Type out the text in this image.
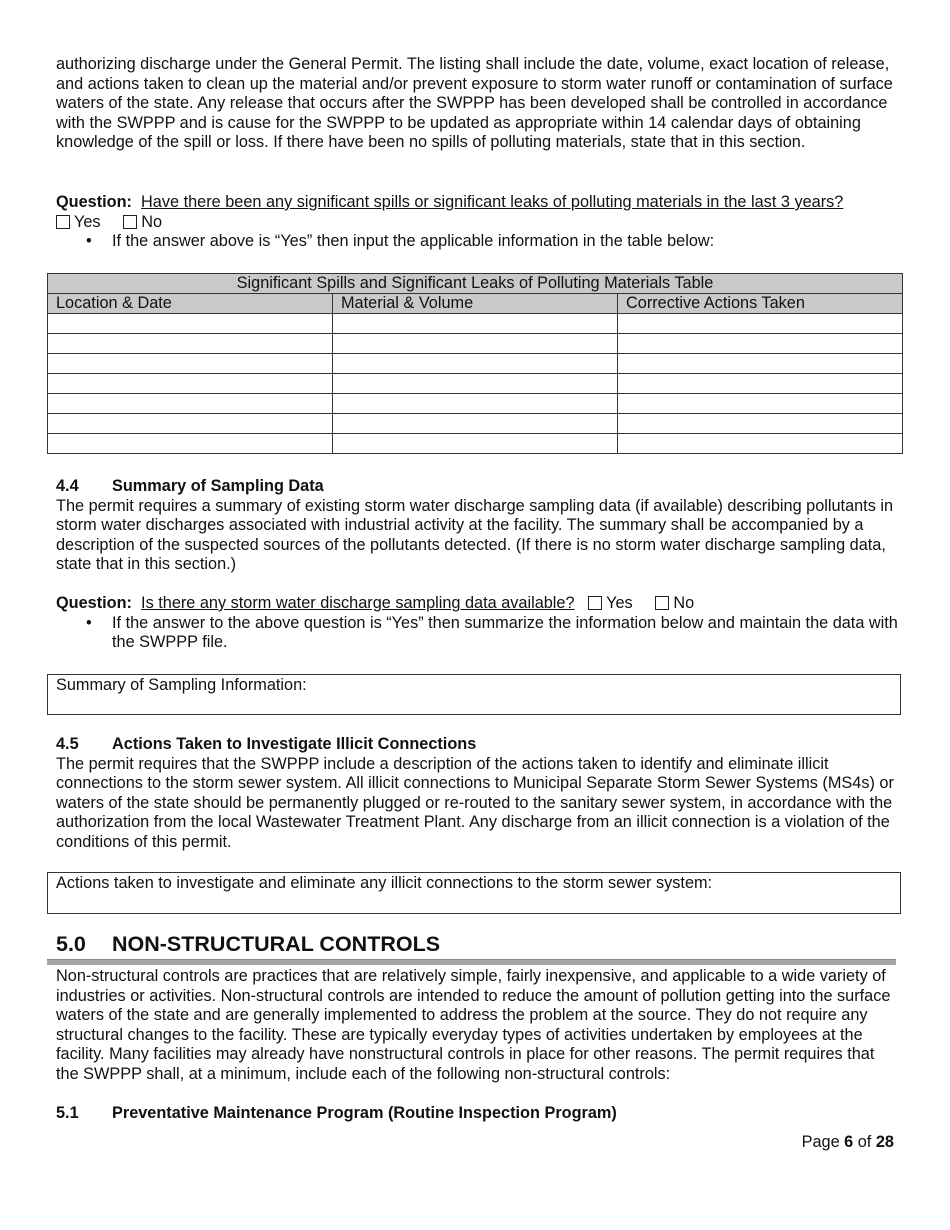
authorizing discharge under the General Permit. The listing shall include the date, volume, exact location of release, and actions taken to clean up the material and/or prevent exposure to storm water runoff or contamination of surface waters of the state. Any release that occurs after the SWPPP has been developed shall be controlled in accordance with the SWPPP and is cause for the SWPPP to be updated as appropriate within 14 calendar days of obtaining knowledge of the spill or loss. If there have been no spills of polluting materials, state that in this section.

Question: Have there been any significant spills or significant leaks of polluting materials in the last 3 years?
Yes No
• If the answer above is “Yes” then input the applicable information in the table below:
Significant Spills and Significant Leaks of Polluting Materials Table		
Location & Date	Material & Volume	Corrective Actions Taken

4.4 Summary of Sampling Data

The permit requires a summary of existing storm water discharge sampling data (if available) describing pollutants in storm water discharges associated with industrial activity at the facility. The summary shall be accompanied by a description of the suspected sources of the pollutants detected. (If there is no storm water discharge sampling data, state that in this section.)

Question: Is there any storm water discharge sampling data available? Yes No
• If the answer to the above question is “Yes” then summarize the information below and maintain the data with the SWPPP file.
Summary of Sampling Information:
4.5 Actions Taken to Investigate Illicit Connections

The permit requires that the SWPPP include a description of the actions taken to identify and eliminate illicit connections to the storm sewer system. All illicit connections to Municipal Separate Storm Sewer Systems (MS4s) or waters of the state should be permanently plugged or re-routed to the sanitary sewer system, in accordance with the authorization from the local Wastewater Treatment Plant. Any discharge from an illicit connection is a violation of the conditions of this permit.

Actions taken to investigate and eliminate any illicit connections to the storm sewer system:
5.0 NON-STRUCTURAL CONTROLS

Non-structural controls are practices that are relatively simple, fairly inexpensive, and applicable to a wide variety of industries or activities. Non-structural controls are intended to reduce the amount of pollution getting into the surface waters of the state and are generally implemented to address the problem at the source. They do not require any structural changes to the facility. These are typically everyday types of activities undertaken by employees at the facility. Many facilities may already have nonstructural controls in place for other reasons. The permit requires that the SWPPP shall, at a minimum, include each of the following non-structural controls:

5.1 Preventative Maintenance Program (Routine Inspection Program)
Page 6 of 28
